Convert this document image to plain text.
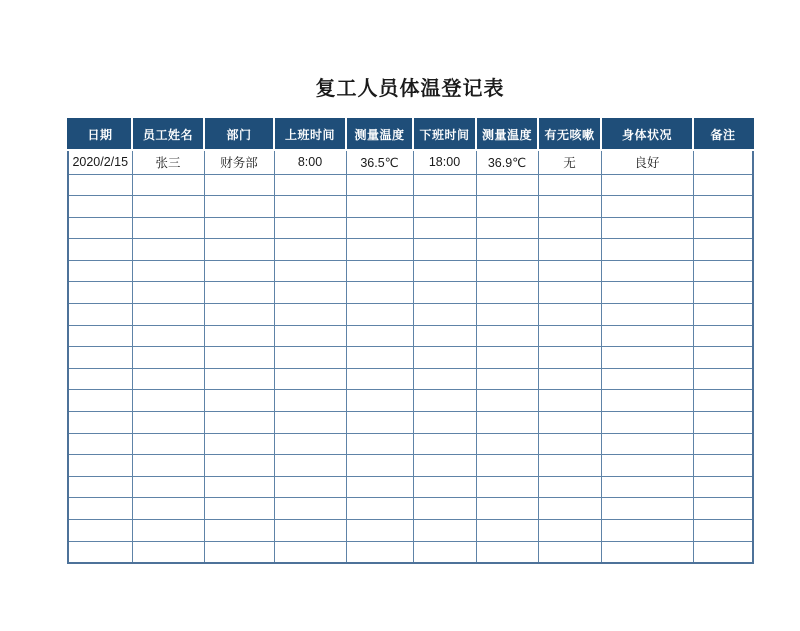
复工人员体温登记表
日期	员工姓名	部门	上班时间	测量温度	下班时间	测量温度	有无咳嗽	身体状况	备注
2020/2/15	张三	财务部	8:00	36.5℃	18:00	36.9℃	无	良好	
